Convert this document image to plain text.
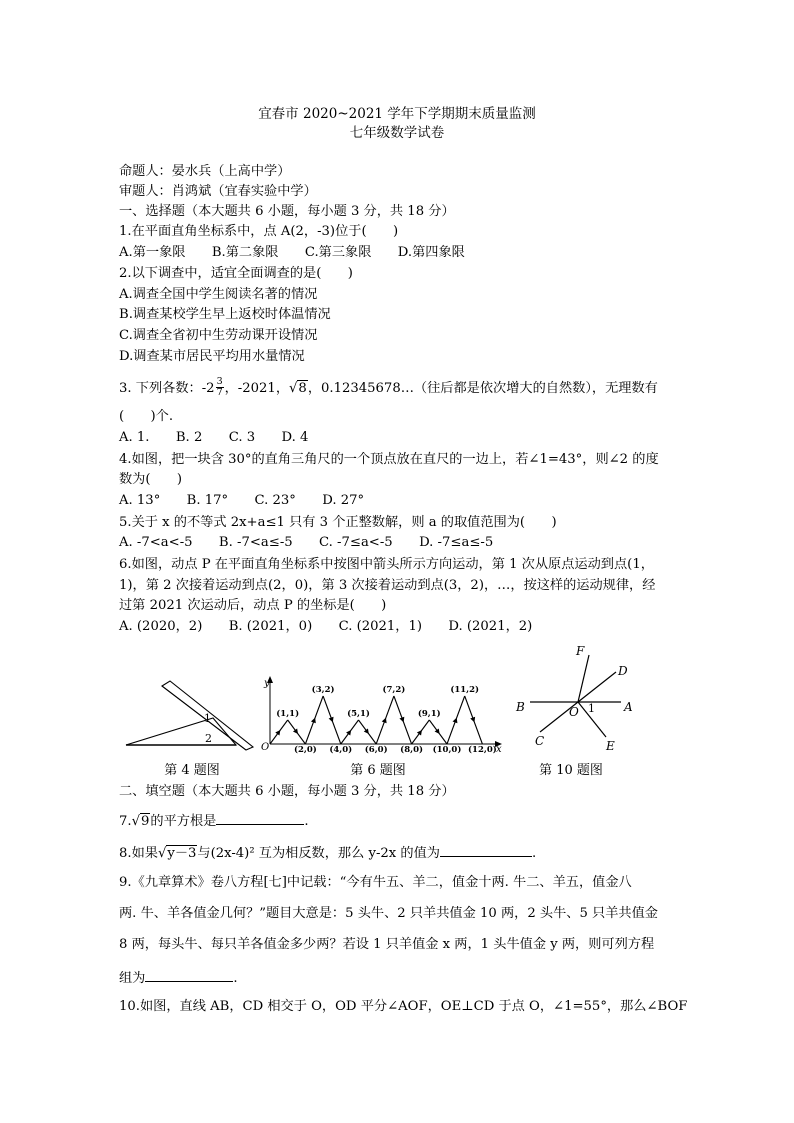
宜春市 2020~2021 学年下学期期末质量监测
七年级数学试卷
命题人：晏水兵（上高中学）
审题人：肖鸿斌（宜春实验中学）
一、选择题（本大题共 6 小题，每小题 3 分，共 18 分）
1.在平面直角坐标系中，点 A(2，-3)位于(　　)
A.第一象限　　B.第二象限　　C.第三象限　　D.第四象限
2.以下调查中，适宜全面调查的是(　　)
A.调查全国中学生阅读名著的情况
B.调查某校学生早上返校时体温情况
C.调查全省初中生劳动课开设情况
D.调查某市居民平均用水量情况
3. 下列各数：$-2 \frac{3}{7}$ ，-2021，√8，0.12345678…（往后都是依次增大的自然数），无理数有
(　　)个.
A. 1.　　B. 2　　C. 3　　D. 4
4.如图，把一块含 30°的直角三角尺的一个顶点放在直尺的一边上，若∠1=43°，则∠2 的度
数为(　　)
A. 13°　　B. 17°　　C. 23°　　D. 27°
5.关于 x 的不等式 2x+a≤1 只有 3 个正整数解，则 a 的取值范围为(　　)
A. -7<a<-5　　B. -7<a≤-5　　C. -7≤a<-5　　D. -7≤a≤-5
6.如图，动点 P 在平面直角坐标系中按图中箭头所示方向运动，第 1 次从原点运动到点(1，
1)，第 2 次接着运动到点(2，0)，第 3 次接着运动到点(3，2)，…，按这样的运动规律，经
过第 2021 次运动后，动点 P 的坐标是(　　)
A. (2020，2)　　B. (2021，0)　　C. (2021，1)　　D. (2021，2)
1
2
第 4 题图
y
x
O
(1,1)
(2,0)
(3,2)
(4,0)
(5,1)
(6,0)
(7,2)
(8,0)
(9,1)
(10,0)
(11,2)
(12,0)
第 6 题图
F
D
B	O 1 A
C	E
第 10 题图
二、填空题（本大题共 6 小题，每小题 3 分，共 18 分）
7.√9的平方根是	.
8.如果√y－3与(2x-4)² 互为相反数，那么 y-2x 的值为	.
9.《九章算术》卷八方程[七]中记载：“今有牛五、羊二，值金十两. 牛二、羊五，值金八
两. 牛、羊各值金几何？”题目大意是：5 头牛、2 只羊共值金 10 两，2 头牛、5 只羊共值金
8 两，每头牛、每只羊各值金多少两？若设 1 只羊值金 x 两，1 头牛值金 y 两，则可列方程
组为	.
10.如图，直线 AB，CD 相交于 O，OD 平分∠AOF，OE⊥CD 于点 O，∠1=55°，那么∠BOF
